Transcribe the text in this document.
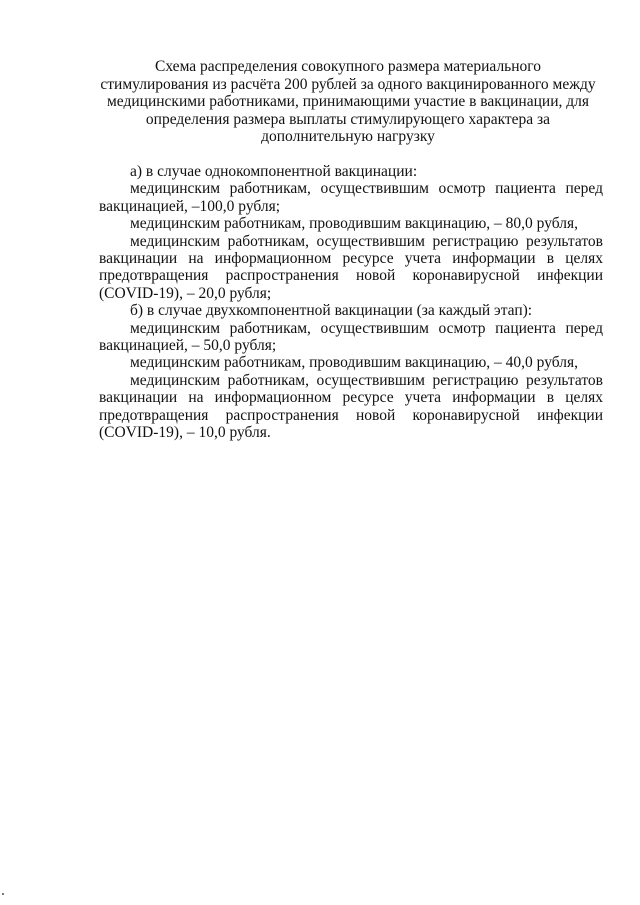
Схема распределения совокупного размера материального
стимулирования из расчёта 200 рублей за одного вакцинированного между
медицинскими работниками, принимающими участие в вакцинации, для
определения размера выплаты стимулирующего характера за
дополнительную нагрузку

а) в случае однокомпонентной вакцинации:

медицинским работникам, осуществившим осмотр пациента перед вакцинацией, –100,0 рубля;

медицинским работникам, проводившим вакцинацию, – 80,0 рубля,

медицинским работникам, осуществившим регистрацию результатов вакцинации на информационном ресурсе учета информации в целях предотвращения распространения новой коронавирусной инфекции (COVID-19), – 20,0 рубля;

б) в случае двухкомпонентной вакцинации (за каждый этап):

медицинским работникам, осуществившим осмотр пациента перед вакцинацией, – 50,0 рубля;

медицинским работникам, проводившим вакцинацию, – 40,0 рубля,

медицинским работникам, осуществившим регистрацию результатов вакцинации на информационном ресурсе учета информации в целях предотвращения распространения новой коронавирусной инфекции (COVID-19), – 10,0 рубля.
